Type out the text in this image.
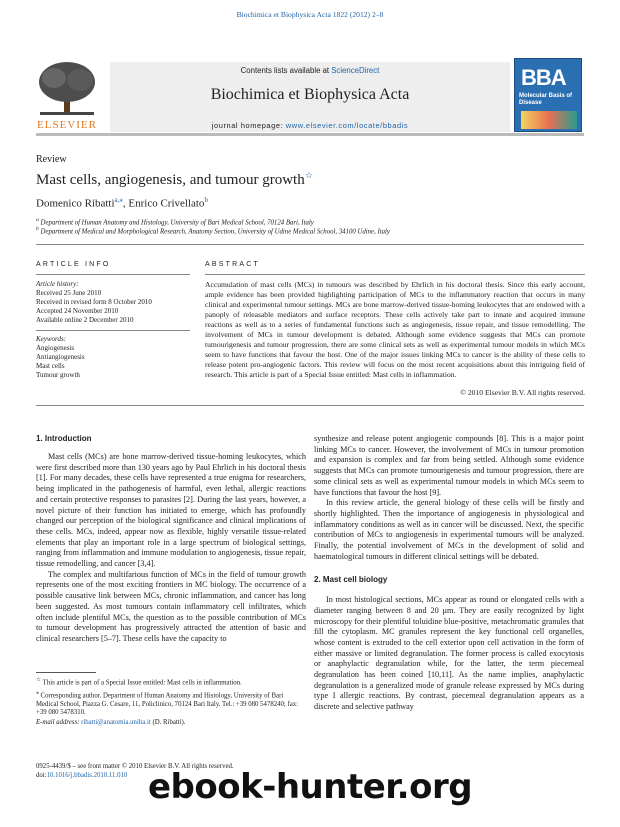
Biochimica et Biophysica Acta 1822 (2012) 2–8
ELSEVIER
Contents lists available at ScienceDirect
Biochimica et Biophysica Acta
journal homepage: www.elsevier.com/locate/bbadis
BBA
Molecular Basis of Disease
Review
Mast cells, angiogenesis, and tumour growth☆
Domenico Ribatti$^{a,⁎}$, Enrico Crivellato$^b$
$^a$ Department of Human Anatomy and Histology, University of Bari Medical School, 70124 Bari, Italy
$^b$ Department of Medical and Morphological Research, Anatomy Section, University of Udine Medical School, 34100 Udine, Italy
ARTICLE INFO
Article history:
Received 25 June 2010
Received in revised form 8 October 2010
Accepted 24 November 2010
Available online 2 December 2010
Keywords:
Angiogenesis
Antiangiogenesis
Mast cells
Tumour growth
ABSTRACT
Accumulation of mast cells (MCs) in tumours was described by Ehrlich in his doctoral thesis. Since this early account, ample evidence has been provided highlighting participation of MCs to the inflammatory reaction that occurs in many clinical and experimental tumour settings. MCs are bone marrow-derived tissue-homing leukocytes that are endowed with a panoply of releasable mediators and surface receptors. These cells actively take part to innate and acquired immune reactions as well as to a series of fundamental functions such as angiogenesis, tissue repair, and tissue remodelling. The involvement of MCs in tumour development is debated. Although some evidence suggests that MCs can promote tumourigenesis and tumour progression, there are some clinical sets as well as experimental tumour models in which MCs seem to have functions that favour the host. One of the major issues linking MCs to cancer is the ability of these cells to release potent pro-angiogenic factors. This review will focus on the most recent acquisitions about this intriguing field of research. This article is part of a Special Issue entitled: Mast cells in inflammation.
© 2010 Elsevier B.V. All rights reserved.
1. Introduction

Mast cells (MCs) are bone marrow-derived tissue-homing leukocytes, which were first described more than 130 years ago by Paul Ehrlich in his doctoral thesis [1]. For many decades, these cells have represented a true enigma for researchers, being implicated in the pathogenesis of harmful, even lethal, allergic reactions and certain protective responses to parasites [2]. During the last years, however, a novel picture of their function has initiated to emerge, which has profoundly changed our perception of the biological significance and clinical implications of these cells. MCs, indeed, appear now as flexible, highly versatile tissue-related elements that play an important role in a large spectrum of biological settings, ranging from inflammation and immune modulation to angiogenesis, tissue repair, tissue remodelling, and cancer [3,4].

The complex and multifarious function of MCs in the field of tumour growth represents one of the most exciting frontiers in MC biology. The occurrence of a possible causative link between MCs, chronic inflammation, and cancer has long been suggested. As most tumours contain inflammatory cell infiltrates, which often include plentiful MCs, the question as to the possible contribution of MCs to tumour development has progressively attracted the attention of basic and clinical researchers [5–7]. These cells have the capacity to

synthesize and release potent angiogenic compounds [8]. This is a major point linking MCs to cancer. However, the involvement of MCs in tumour promotion and expansion is complex and far from being settled. Although some evidence suggests that MCs can promote tumourigenesis and tumour progression, there are some clinical sets as well as experimental tumour models in which MCs seem to have functions that favour the host [9].

In this review article, the general biology of these cells will be firstly and shortly highlighted. Then the importance of angiogenesis in physiological and inflammatory conditions as well as in cancer will be discussed. Next, the specific contribution of MCs to angiogenesis in experimental tumours will be analyzed. Finally, the potential involvement of MCs in the development of solid and haematological tumours in different clinical settings will be debated.

2. Mast cell biology

In most histological sections, MCs appear as round or elongated cells with a diameter ranging between 8 and 20 μm. They are easily recognized by light microscopy for their plentiful toluidine blue-positive, metachromatic granules that fill the cytoplasm. MC granules represent the key functional cell organelles, whose content is extruded to the cell exterior upon cell activation in the form of either massive or limited degranulation. The former process is called exocytosis or anaphylactic degranulation while, for the latter, the term piecemeal degranulation has been coined [10,11]. As the name implies, anaphylactic degranulation is a generalized mode of granule release expressed by MCs during type I allergic reactions. By contrast, piecemeal degranulation appears as a discrete and selective pathway

☆ This article is part of a Special Issue entitled: Mast cells in inflammation.
⁎ Corresponding author. Department of Human Anatomy and Histology, University of Bari Medical School, Piazza G. Cesare, 11, Policlinico, 70124 Bari Italy. Tel.: +39 080 5478240; fax: +39 080 5478310.
E-mail address: ribatti@anatomia.uniba.it (D. Ribatti).
0925-4439/$ – see front matter © 2010 Elsevier B.V. All rights reserved.
doi:10.1016/j.bbadis.2010.11.010 ebook-hunter.org
